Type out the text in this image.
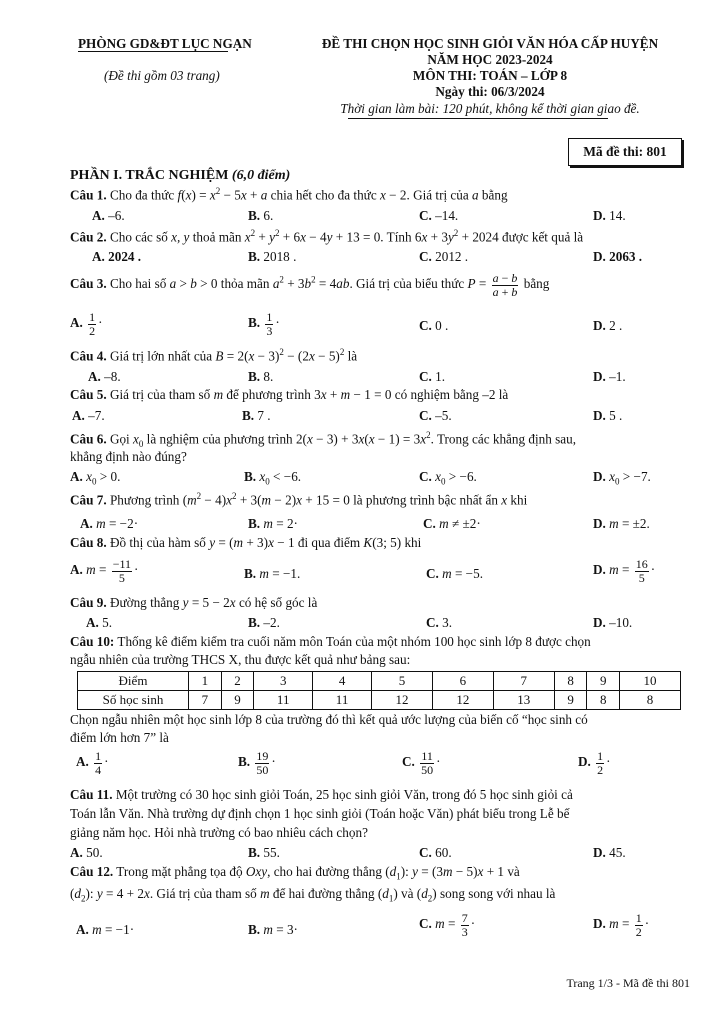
PHÒNG GD&ĐT LỤC NGẠN
(Đề thi gồm 03 trang)
ĐỀ THI CHỌN HỌC SINH GIỎI VĂN HÓA CẤP HUYỆN
NĂM HỌC 2023-2024
MÔN THI: TOÁN – LỚP 8
Ngày thi: 06/3/2024
Thời gian làm bài: 120 phút, không kể thời gian giao đề.
Mã đề thi: 801
PHẦN I. TRẮC NGHIỆM (6,0 điểm)
Câu 1. Cho đa thức $f(x) = x^2 - 5x + a$ chia hết cho đa thức x − 2. Giá trị của a bằng
A. –6.	B. 6.	C. –14.	D. 14.
Câu 2. Cho các số x, y thoả mãn $x^2 + y^2 + 6x - 4y + 13 = 0$. Tính $6x + 3y^2 + 2024$ được kết quả là
A. 2024 .	B. 2018 .	C. 2012 .	D. 2063 .
Câu 3. Cho hai số a > b > 0 thỏa mãn $a^2 + 3b^2 = 4ab$. Giá trị của biểu thức $P = \frac{a - b}{a + b}$ bằng
A. $\frac{1}{2}$ ·	B. $\frac{1}{3}$ ·	C. 0 .	D. 2 .
Câu 4. Giá trị lớn nhất của $B = 2(x - 3)^2 - (2x - 5)^2$ là
A. –8.	B. 8.	C. 1.	D. –1.
Câu 5. Giá trị của tham số m để phương trình 3x + m − 1 = 0 có nghiệm bằng –2 là
A. –7.	B. 7 .	C. –5.	D. 5 .
Câu 6. Gọi $x_0$ là nghiệm của phương trình $2(x - 3) + 3x(x - 1) = 3x^2$. Trong các khẳng định sau,
khẳng định nào đúng?
A. $x_0 > 0$.	B. $x_0 < -6$.	C. $x_0 > -6$.	D. $x_0 > -7$.
Câu 7. Phương trình $(m^2 - 4)x^2 + 3(m - 2)x + 15 = 0$ là phương trình bậc nhất ẩn x khi
A. m = −2·	B. m = 2·	C. m ≠ ±2·	D. m = ±2.
Câu 8. Đồ thị của hàm số y = (m + 3)x − 1 đi qua điểm K(3; 5) khi
A. $m = \frac{-11}{5}$ ·	B. m = −1.	C. m = −5.	D. $m = \frac{16}{5}$ ·
Câu 9. Đường thẳng y = 5 − 2x có hệ số góc là
A. 5.	B. –2.	C. 3.	D. –10.
Câu 10: Thống kê điểm kiểm tra cuối năm môn Toán của một nhóm 100 học sinh lớp 8 được chọn
ngẫu nhiên của trường THCS X, thu được kết quả như bảng sau:
Điểm	1	2	3	4	5	6	7	8	9	10
Số học sinh	7	9	11	11	12	12	13	9	8	8
Chọn ngẫu nhiên một học sinh lớp 8 của trường đó thì kết quả ước lượng của biến cố “học sinh có
điểm lớn hơn 7” là
A. $\frac{1}{4}$ ·	B. $\frac{19}{50}$ ·	C. $\frac{11}{50}$ ·	D. $\frac{1}{2}$ ·
Câu 11. Một trường có 30 học sinh giỏi Toán, 25 học sinh giỏi Văn, trong đó 5 học sinh giỏi cả
Toán lẫn Văn. Nhà trường dự định chọn 1 học sinh giỏi (Toán hoặc Văn) phát biểu trong Lễ bế
giảng năm học. Hỏi nhà trường có bao nhiêu cách chọn?
A. 50.	B. 55.	C. 60.	D. 45.
Câu 12. Trong mặt phẳng tọa độ Oxy, cho hai đường thẳng $(d_1)$: y = (3m − 5)x + 1 và
$(d_2)$: y = 4 + 2x. Giá trị của tham số m để hai đường thẳng $(d_1)$ và $(d_2)$ song song với nhau là
A. m = −1·	B. m = 3·	C. $m = \frac{7}{3}$ ·	D. $m = \frac{1}{2}$ ·
Trang 1/3 - Mã đề thi 801
